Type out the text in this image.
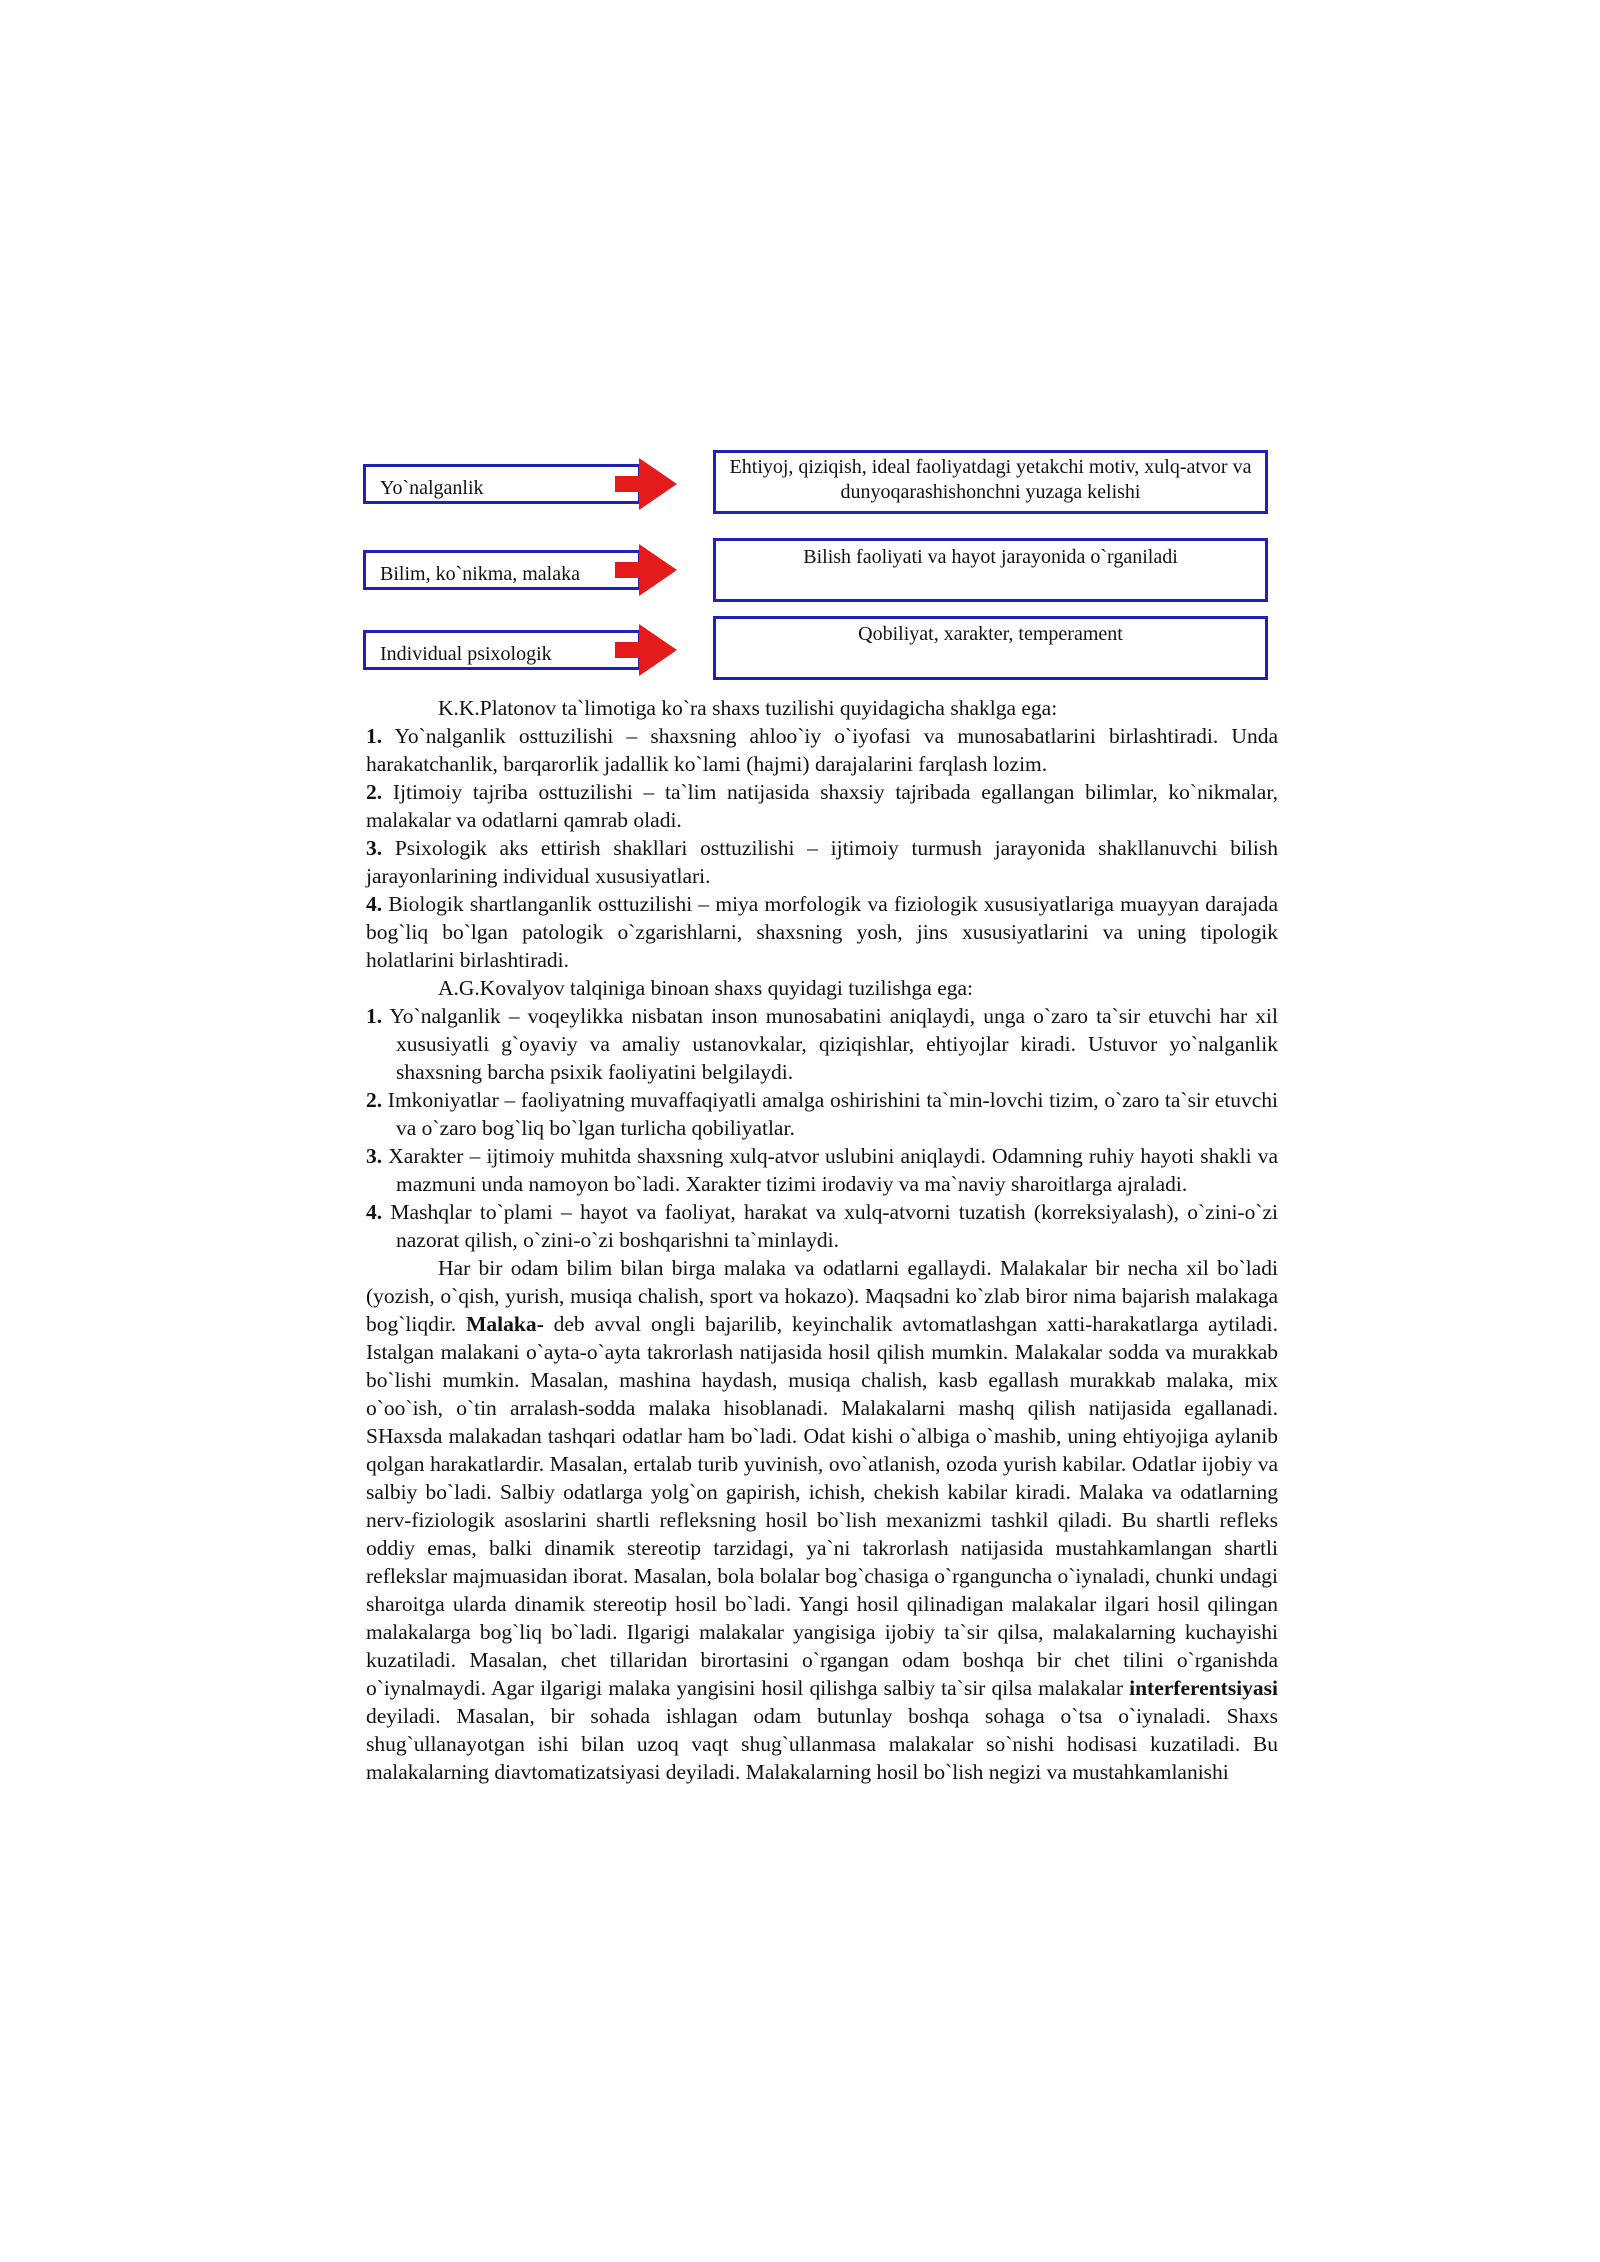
Yo`nalganlik
Ehtiyoj, qiziqish, ideal faoliyatdagi yetakchi motiv, xulq-atvor va dunyoqarashishonchni yuzaga kelishi
Bilim, ko`nikma, malaka
Bilish faoliyati va hayot jarayonida o`rganiladi
Individual psixologik
Qobiliyat, xarakter, temperament

K.K.Platonov ta`limotiga ko`ra shaxs tuzilishi quyidagicha shaklga ega:

1. Yo`nalganlik osttuzilishi – shaxsning ahloo`iy o`iyofasi va munosabatlarini birlashtiradi. Unda harakatchanlik, barqarorlik jadallik ko`lami (hajmi) darajalarini farqlash lozim.

2. Ijtimoiy tajriba osttuzilishi – ta`lim natijasida shaxsiy tajribada egallangan bilimlar, ko`nikmalar, malakalar va odatlarni qamrab oladi.

3. Psixologik aks ettirish shakllari osttuzilishi – ijtimoiy turmush jarayonida shakllanuvchi bilish jarayonlarining individual xususiyatlari.

4. Biologik shartlanganlik osttuzilishi – miya morfologik va fiziologik xususiyatlariga muayyan darajada bog`liq bo`lgan patologik o`zgarishlarni, shaxsning yosh, jins xususiyatlarini va uning tipologik holatlarini birlashtiradi.

A.G.Kovalyov talqiniga binoan shaxs quyidagi tuzilishga ega:

1. Yo`nalganlik – voqeylikka nisbatan inson munosabatini aniqlaydi, unga o`zaro ta`sir etuvchi har xil xususiyatli g`oyaviy va amaliy ustanovkalar, qiziqishlar, ehtiyojlar kiradi. Ustuvor yo`nalganlik shaxsning barcha psixik faoliyatini belgilaydi.

2. Imkoniyatlar – faoliyatning muvaffaqiyatli amalga oshirishini ta`min-lovchi tizim, o`zaro ta`sir etuvchi va o`zaro bog`liq bo`lgan turlicha qobiliyatlar.

3. Xarakter – ijtimoiy muhitda shaxsning xulq-atvor uslubini aniqlaydi. Odamning ruhiy hayoti shakli va mazmuni unda namoyon bo`ladi. Xarakter tizimi irodaviy va ma`naviy sharoitlarga ajraladi.

4. Mashqlar to`plami – hayot va faoliyat, harakat va xulq-atvorni tuzatish (korreksiyalash), o`zini-o`zi nazorat qilish, o`zini-o`zi boshqarishni ta`minlaydi.

Har bir odam bilim bilan birga malaka va odatlarni egallaydi. Malakalar bir necha xil bo`ladi (yozish, o`qish, yurish, musiqa chalish, sport va hokazo). Maqsadni ko`zlab biror nima bajarish malakaga bog`liqdir. Malaka- deb avval ongli bajarilib, keyinchalik avtomatlashgan xatti-harakatlarga aytiladi. Istalgan malakani o`ayta-o`ayta takrorlash natijasida hosil qilish mumkin. Malakalar sodda va murakkab bo`lishi mumkin. Masalan, mashina haydash, musiqa chalish, kasb egallash murakkab malaka, mix o`oo`ish, o`tin arralash-sodda malaka hisoblanadi. Malakalarni mashq qilish natijasida egallanadi. SHaxsda malakadan tashqari odatlar ham bo`ladi. Odat kishi o`albiga o`mashib, uning ehtiyojiga aylanib qolgan harakatlardir. Masalan, ertalab turib yuvinish, ovo`atlanish, ozoda yurish kabilar. Odatlar ijobiy va salbiy bo`ladi. Salbiy odatlarga yolg`on gapirish, ichish, chekish kabilar kiradi. Malaka va odatlarning nerv-fiziologik asoslarini shartli refleksning hosil bo`lish mexanizmi tashkil qiladi. Bu shartli refleks oddiy emas, balki dinamik stereotip tarzidagi, ya`ni takrorlash natijasida mustahkamlangan shartli reflekslar majmuasidan iborat. Masalan, bola bolalar bog`chasiga o`rganguncha o`iynaladi, chunki undagi sharoitga ularda dinamik stereotip hosil bo`ladi. Yangi hosil qilinadigan malakalar ilgari hosil qilingan malakalarga bog`liq bo`ladi. Ilgarigi malakalar yangisiga ijobiy ta`sir qilsa, malakalarning kuchayishi kuzatiladi. Masalan, chet tillaridan birortasini o`rgangan odam boshqa bir chet tilini o`rganishda o`iynalmaydi. Agar ilgarigi malaka yangisini hosil qilishga salbiy ta`sir qilsa malakalar interferentsiyasi deyiladi. Masalan, bir sohada ishlagan odam butunlay boshqa sohaga o`tsa o`iynaladi. Shaxs shug`ullanayotgan ishi bilan uzoq vaqt shug`ullanmasa malakalar so`nishi hodisasi kuzatiladi. Bu malakalarning diavtomatizatsiyasi deyiladi. Malakalarning hosil bo`lish negizi va mustahkamlanishi
